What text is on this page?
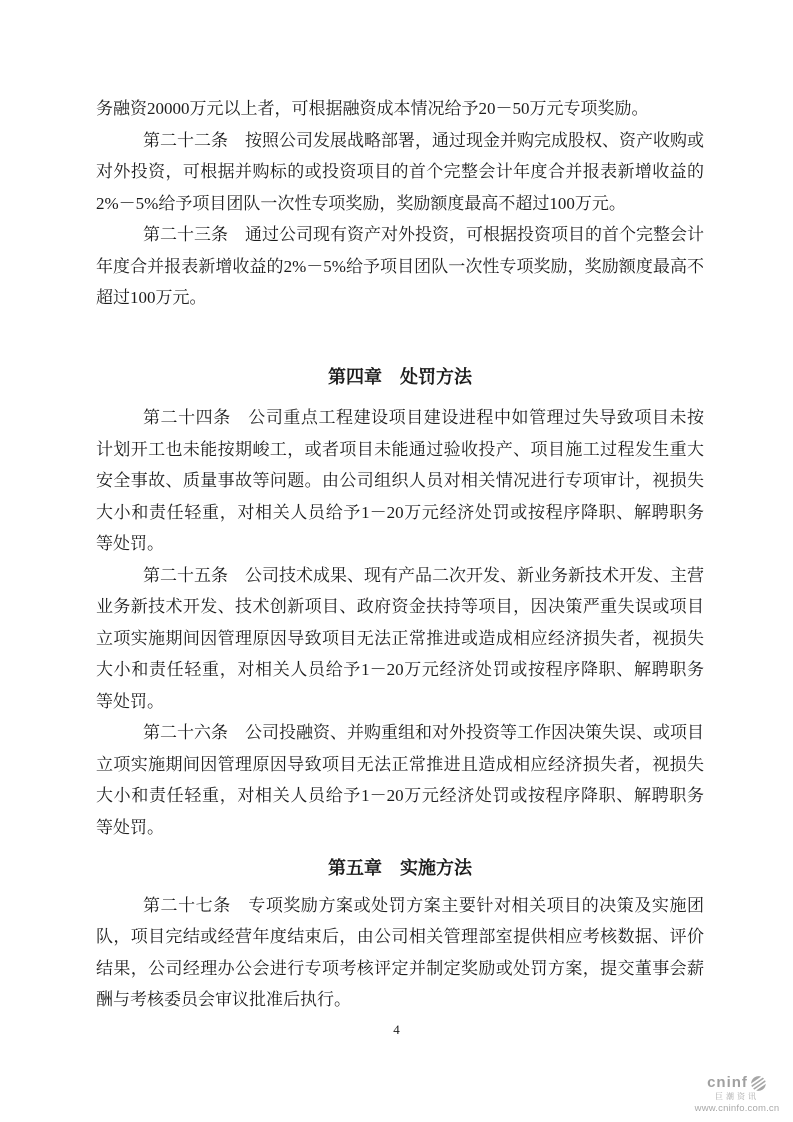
务融资20000万元以上者，可根据融资成本情况给予20－50万元专项奖励。
第二十二条　按照公司发展战略部署，通过现金并购完成股权、资产收购或
对外投资，可根据并购标的或投资项目的首个完整会计年度合并报表新增收益的
2%－5%给予项目团队一次性专项奖励，奖励额度最高不超过100万元。
第二十三条　通过公司现有资产对外投资，可根据投资项目的首个完整会计
年度合并报表新增收益的2%－5%给予项目团队一次性专项奖励，奖励额度最高不
超过100万元。
第四章　处罚方法
第二十四条　公司重点工程建设项目建设进程中如管理过失导致项目未按
计划开工也未能按期峻工，或者项目未能通过验收投产、项目施工过程发生重大
安全事故、质量事故等问题。由公司组织人员对相关情况进行专项审计，视损失
大小和责任轻重，对相关人员给予1－20万元经济处罚或按程序降职、解聘职务
等处罚。
第二十五条　公司技术成果、现有产品二次开发、新业务新技术开发、主营
业务新技术开发、技术创新项目、政府资金扶持等项目，因决策严重失误或项目
立项实施期间因管理原因导致项目无法正常推进或造成相应经济损失者，视损失
大小和责任轻重，对相关人员给予1－20万元经济处罚或按程序降职、解聘职务
等处罚。
第二十六条　公司投融资、并购重组和对外投资等工作因决策失误、或项目
立项实施期间因管理原因导致项目无法正常推进且造成相应经济损失者，视损失
大小和责任轻重，对相关人员给予1－20万元经济处罚或按程序降职、解聘职务
等处罚。
第五章　实施方法
第二十七条　专项奖励方案或处罚方案主要针对相关项目的决策及实施团
队，项目完结或经营年度结束后，由公司相关管理部室提供相应考核数据、评价
结果，公司经理办公会进行专项考核评定并制定奖励或处罚方案，提交董事会薪
酬与考核委员会审议批准后执行。
4
cninf
巨潮资讯
www.cninfo.com.cn
